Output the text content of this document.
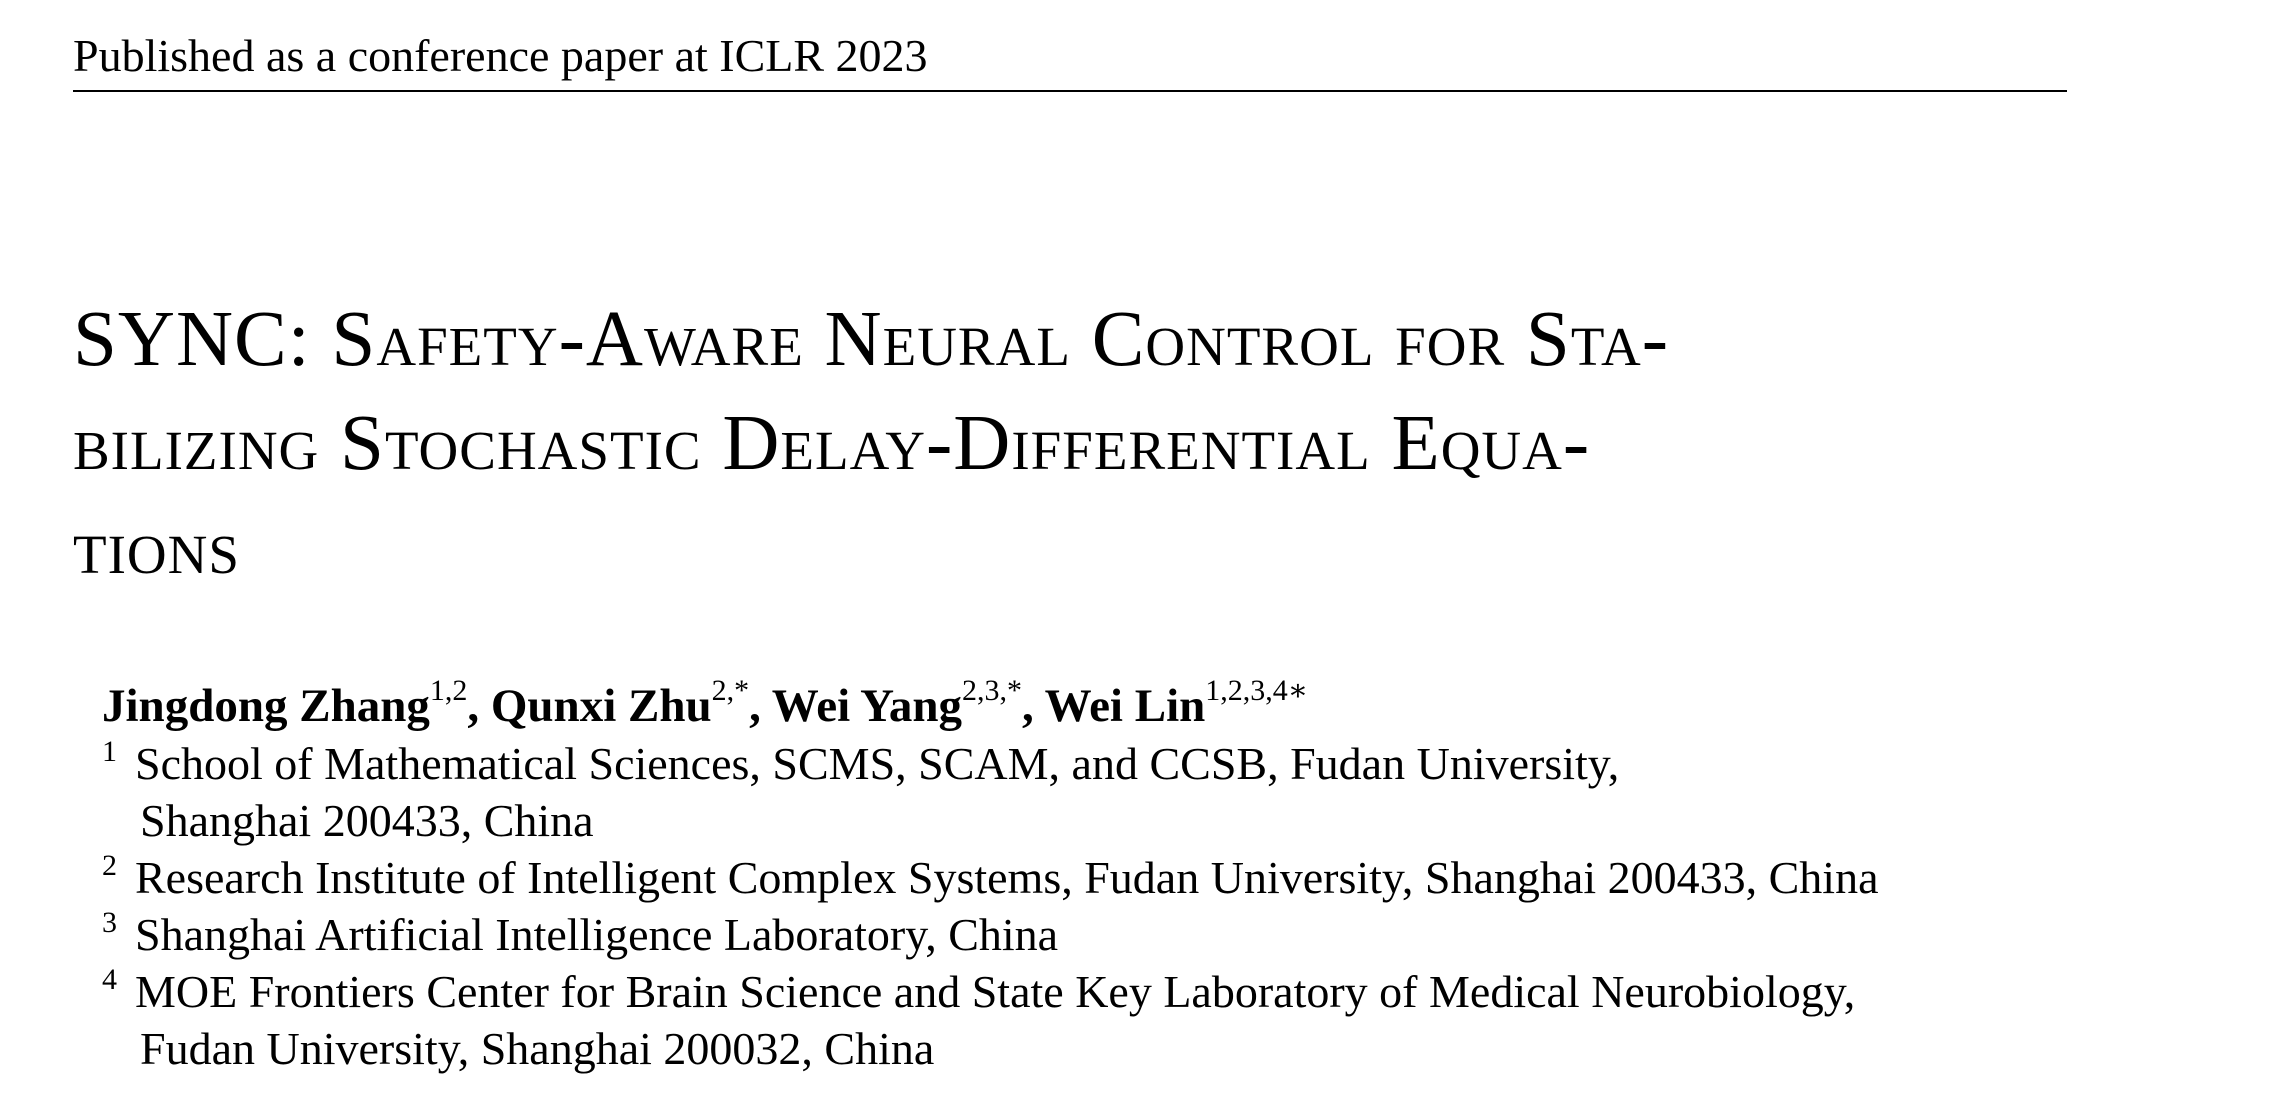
Published as a conference paper at ICLR 2023
SYNC: Safety-Aware Neural Control for Sta-
bilizing Stochastic Delay-Differential Equa-
tions
Jingdong Zhang$^{1,2}$, Qunxi Zhu$^{2,*}$, Wei Yang$^{2,3,*}$, Wei Lin$^{1,2,3,4∗}$
1 School of Mathematical Sciences, SCMS, SCAM, and CCSB, Fudan University,
Shanghai 200433, China
2 Research Institute of Intelligent Complex Systems, Fudan University, Shanghai 200433, China
3 Shanghai Artificial Intelligence Laboratory, China
4 MOE Frontiers Center for Brain Science and State Key Laboratory of Medical Neurobiology,
Fudan University, Shanghai 200032, China
